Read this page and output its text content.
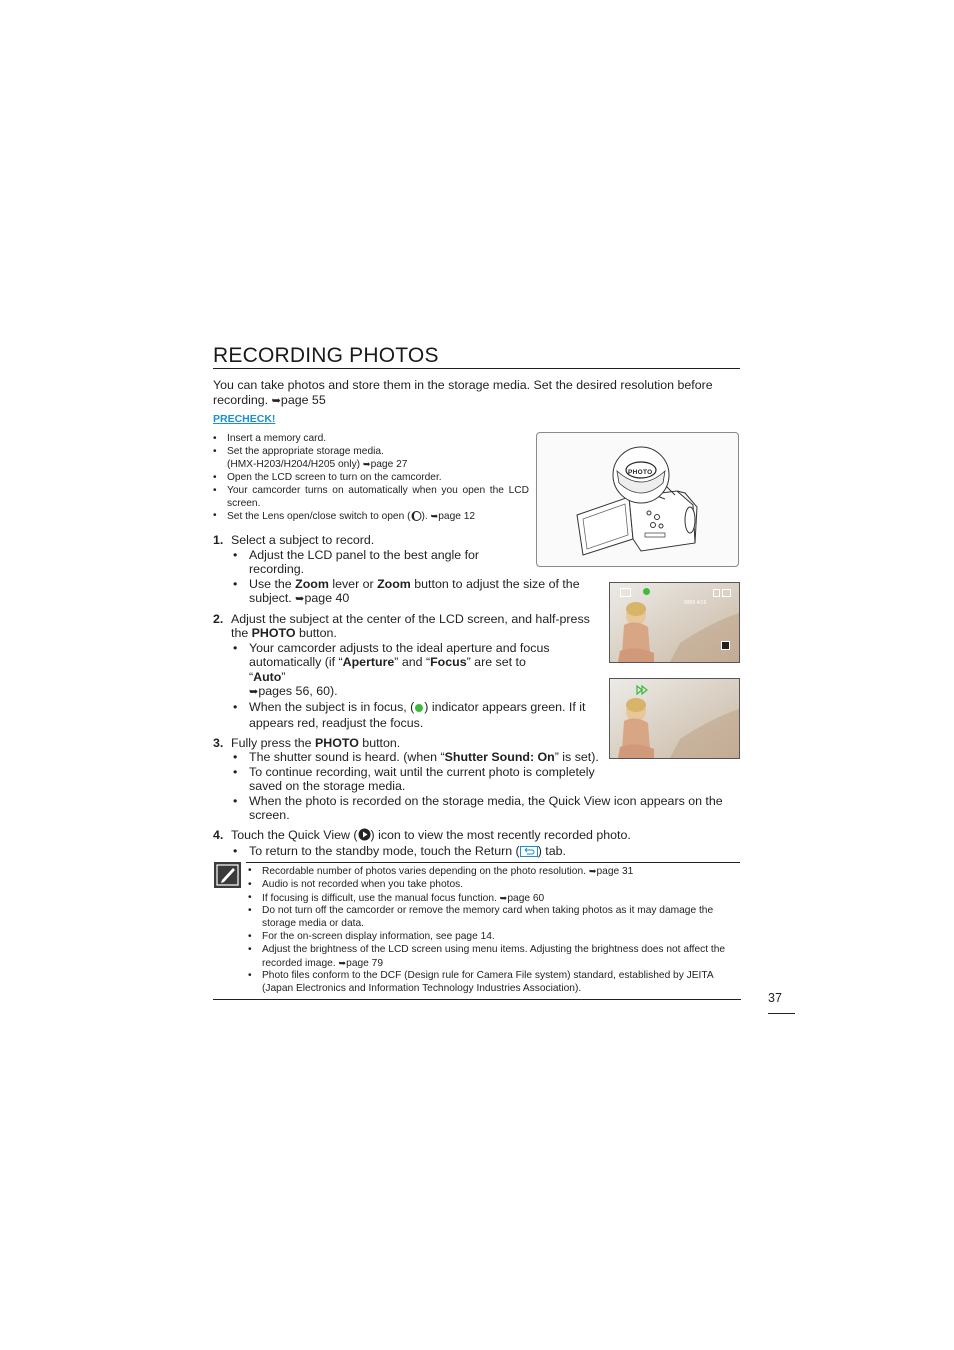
RECORDING PHOTOS
You can take photos and store them in the storage media. Set the desired resolution before recording. ➥page 55
PRECHECK!
• Insert a memory card.
• Set the appropriate storage media.
(HMX-H203/H204/H205 only) ➥page 27
• Open the LCD screen to turn on the camcorder.
• Your camcorder turns on automatically when you open the LCD screen.
• Set the Lens open/close switch to open ( ). ➥page 12
PHOTO
9999 4/16
1. Select a subject to record.
• Adjust the LCD panel to the best angle for recording.
• Use the Zoom lever or Zoom button to adjust the size of the subject. ➥page 40
2. Adjust the subject at the center of the LCD screen, and half-press the PHOTO button.
• Your camcorder adjusts to the ideal aperture and focus automatically (if “Aperture” and “Focus” are set to “Auto”
➥pages 56, 60).
• When the subject is in focus, ( ) indicator appears green. If it appears red, readjust the focus.
3. Fully press the PHOTO button.
• The shutter sound is heard. (when “Shutter Sound: On” is set).
• To continue recording, wait until the current photo is completely saved on the storage media.
• When the photo is recorded on the storage media, the Quick View icon appears on the screen.
4. Touch the Quick View ( ) icon to view the most recently recorded photo.
• To return to the standby mode, touch the Return ( ) tab.
• Recordable number of photos varies depending on the photo resolution. ➥page 31
• Audio is not recorded when you take photos.
• If focusing is difficult, use the manual focus function. ➥page 60
• Do not turn off the camcorder or remove the memory card when taking photos as it may damage the storage media or data.
• For the on-screen display information, see page 14.
• Adjust the brightness of the LCD screen using menu items. Adjusting the brightness does not affect the recorded image. ➥page 79
• Photo files conform to the DCF (Design rule for Camera File system) standard, established by JEITA (Japan Electronics and Information Technology Industries Association).
37
